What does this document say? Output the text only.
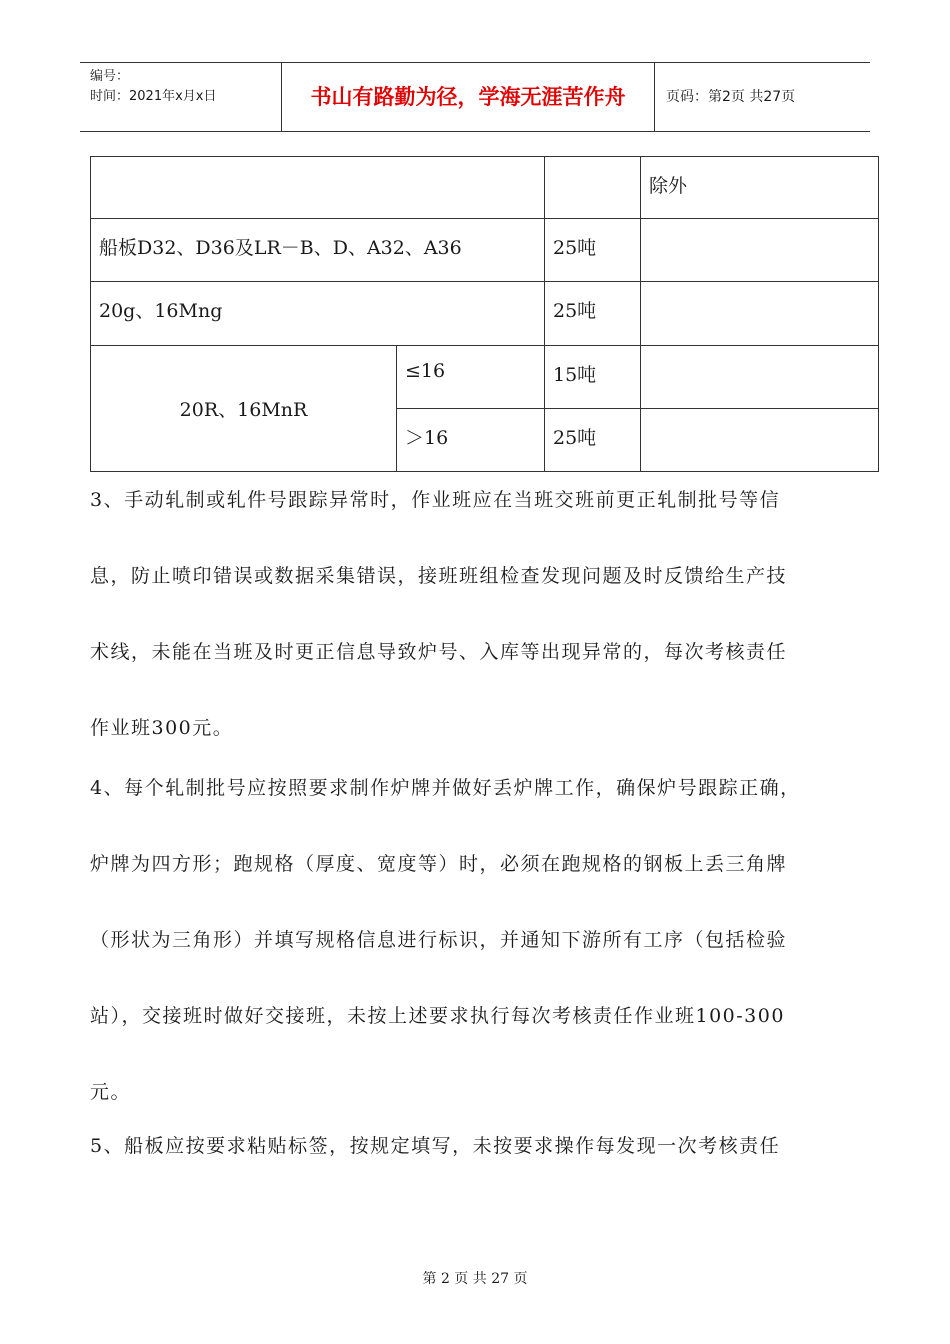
编号：
时间：2021年x月x日	书山有路勤为径，学海无涯苦作舟	页码：第2页 共27页

			除外

船板D32、D36及LR－B、D、A32、A36		25吨	

20g、16Mng		25吨	

20R、16MnR	≤16	15吨	

	＞16	25吨	

3、手动轧制或轧件号跟踪异常时，作业班应在当班交班前更正轧制批号等信
息，防止喷印错误或数据采集错误，接班班组检查发现问题及时反馈给生产技
术线，未能在当班及时更正信息导致炉号、入库等出现异常的，每次考核责任
作业班300元。
4、每个轧制批号应按照要求制作炉牌并做好丢炉牌工作，确保炉号跟踪正确，
炉牌为四方形；跑规格（厚度、宽度等）时，必须在跑规格的钢板上丢三角牌
（形状为三角形）并填写规格信息进行标识，并通知下游所有工序（包括检验
站），交接班时做好交接班，未按上述要求执行每次考核责任作业班100-300
元。
5、船板应按要求粘贴标签，按规定填写，未按要求操作每发现一次考核责任
第 2 页 共 27 页
